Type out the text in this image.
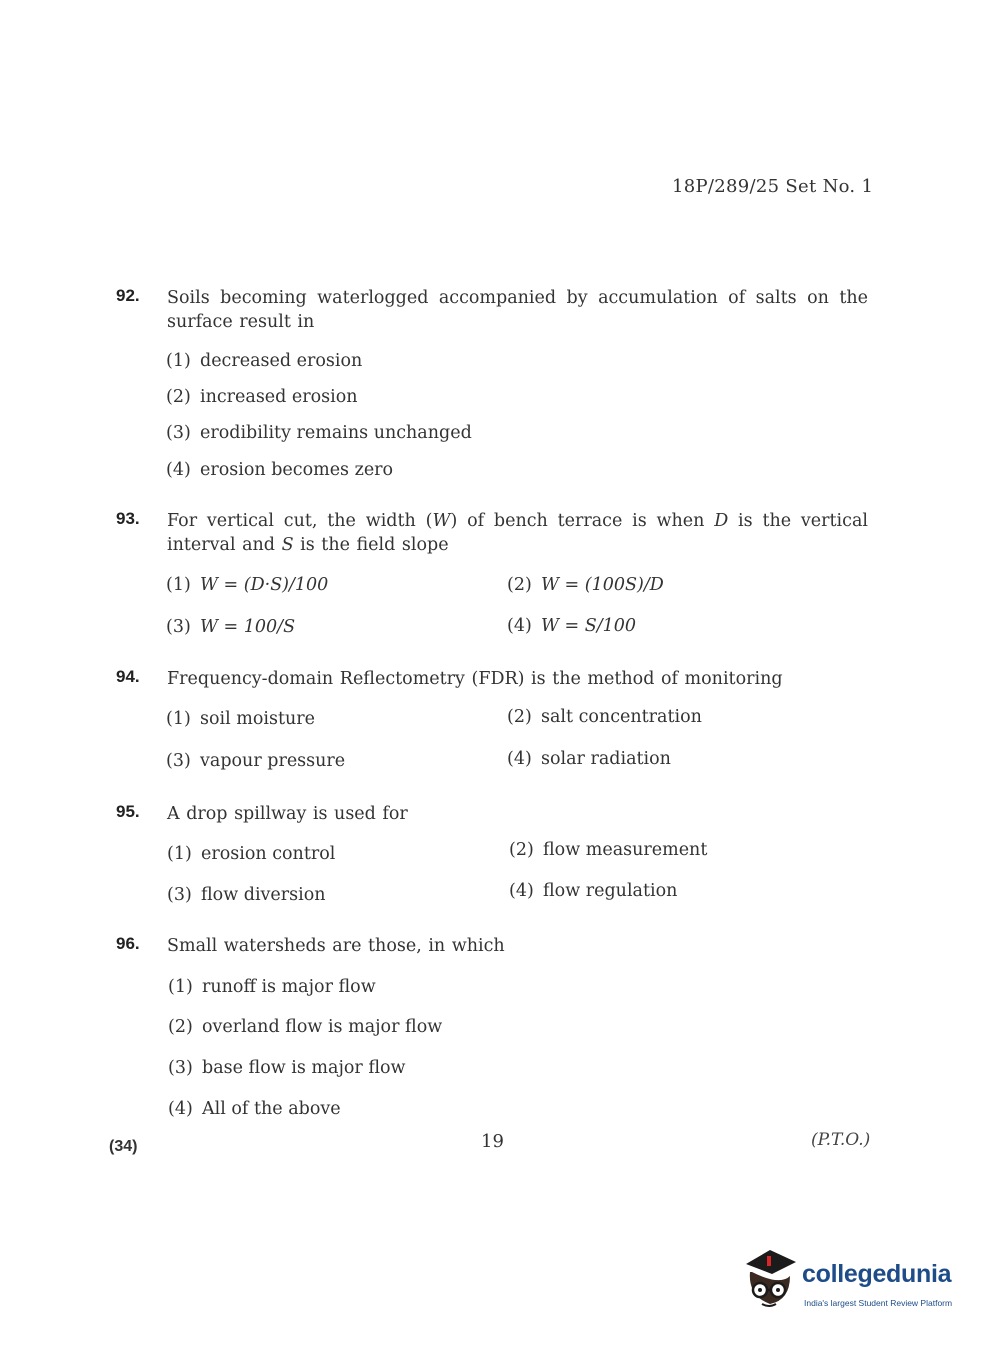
18P/289/25 Set No. 1
92. Soils becoming waterlogged accompanied by accumulation of salts on the surface result in
(1) decreased erosion
(2) increased erosion
(3) erodibility remains unchanged
(4) erosion becomes zero
93. For vertical cut, the width (W) of bench terrace is when D is the vertical interval and S is the field slope
(1) W = (D·S)/100	(2) W = (100S)/D
(3) W = 100/S	(4) W = S/100
94. Frequency-domain Reflectometry (FDR) is the method of monitoring
(1) soil moisture	(2) salt concentration
(3) vapour pressure	(4) solar radiation
95. A drop spillway is used for
(1) erosion control	(2) flow measurement
(3) flow diversion	(4) flow regulation
96. Small watersheds are those, in which
(1) runoff is major flow
(2) overland flow is major flow
(3) base flow is major flow
(4) All of the above
(34)	19	(P.T.O.)
collegedunia
India's largest Student Review Platform
